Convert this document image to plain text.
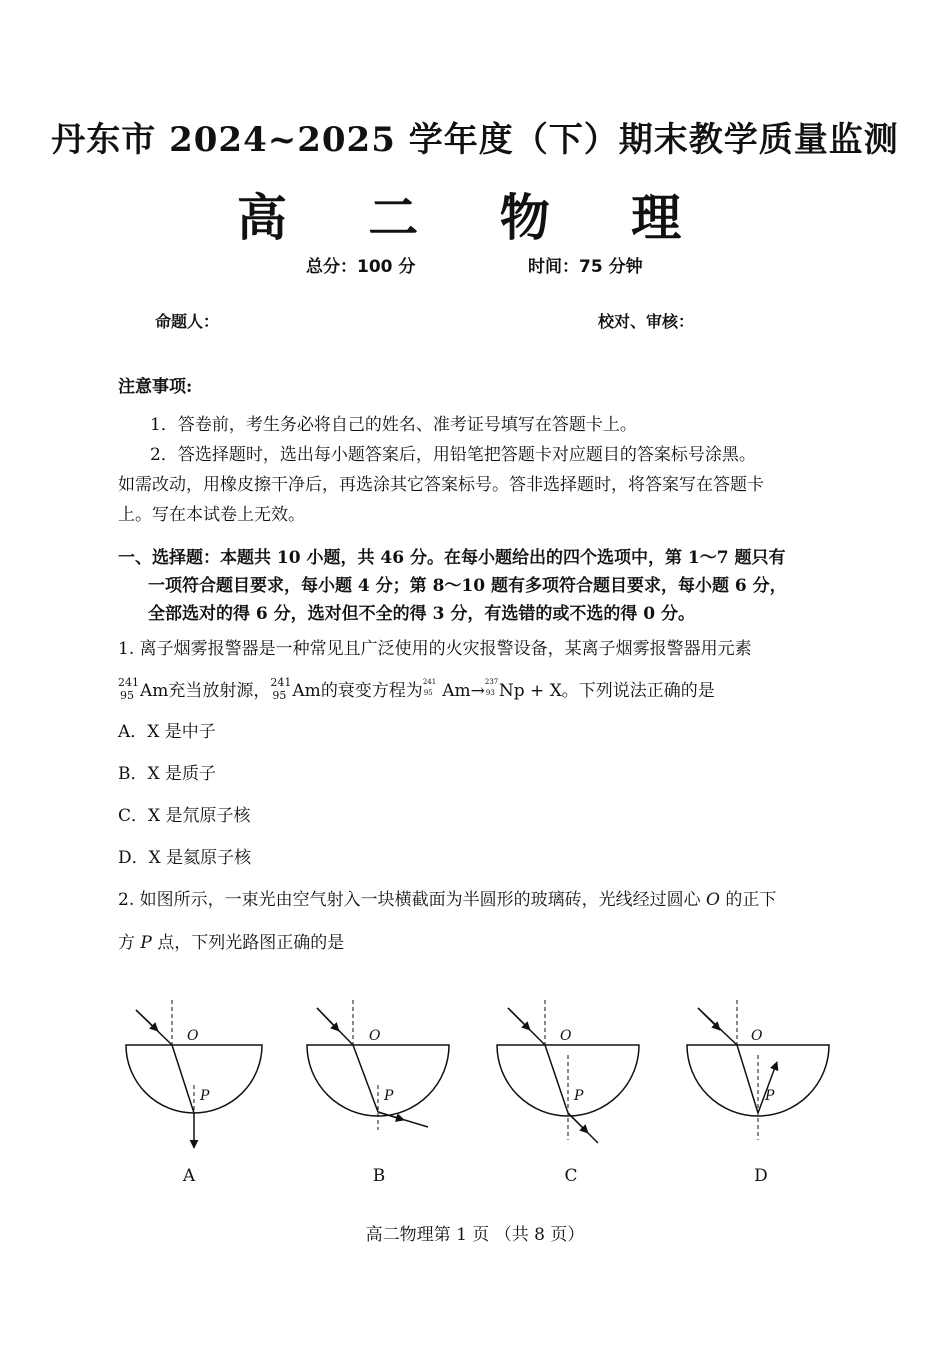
丹东市 2024~2025 学年度（下）期末教学质量监测
高 二 物 理
总分：100 分	时间：75 分钟
命题人：	校对、审核：
注意事项:
1．答卷前，考生务必将自己的姓名、准考证号填写在答题卡上。
2．答选择题时，选出每小题答案后，用铅笔把答题卡对应题目的答案标号涂黑。
如需改动，用橡皮擦干净后，再选涂其它答案标号。答非选择题时，将答案写在答题卡
上。写在本试卷上无效。
一、选择题：本题共 10 小题，共 46 分。在每小题给出的四个选项中，第 1～7 题只有
一项符合题目要求，每小题 4 分；第 8～10 题有多项符合题目要求，每小题 6 分，
全部选对的得 6 分，选对但不全的得 3 分，有选错的或不选的得 0 分。
1. 离子烟雾报警器是一种常见且广泛使用的火灾报警设备，某离子烟雾报警器用元素
241
95 Am充当放射源， 241
95 Am的衰变方程为 241
95 Am→ 237
93 Np + X。下列说法正确的是
A．X 是中子
B．X 是质子
C．X 是氘原子核
D．X 是氦原子核
2. 如图所示，一束光由空气射入一块横截面为半圆形的玻璃砖，光线经过圆心 O 的正下
方 P 点，下列光路图正确的是
O
P
O
P
O
P
O
P
A	B	C	D
高二物理第 1 页 （共 8 页）
